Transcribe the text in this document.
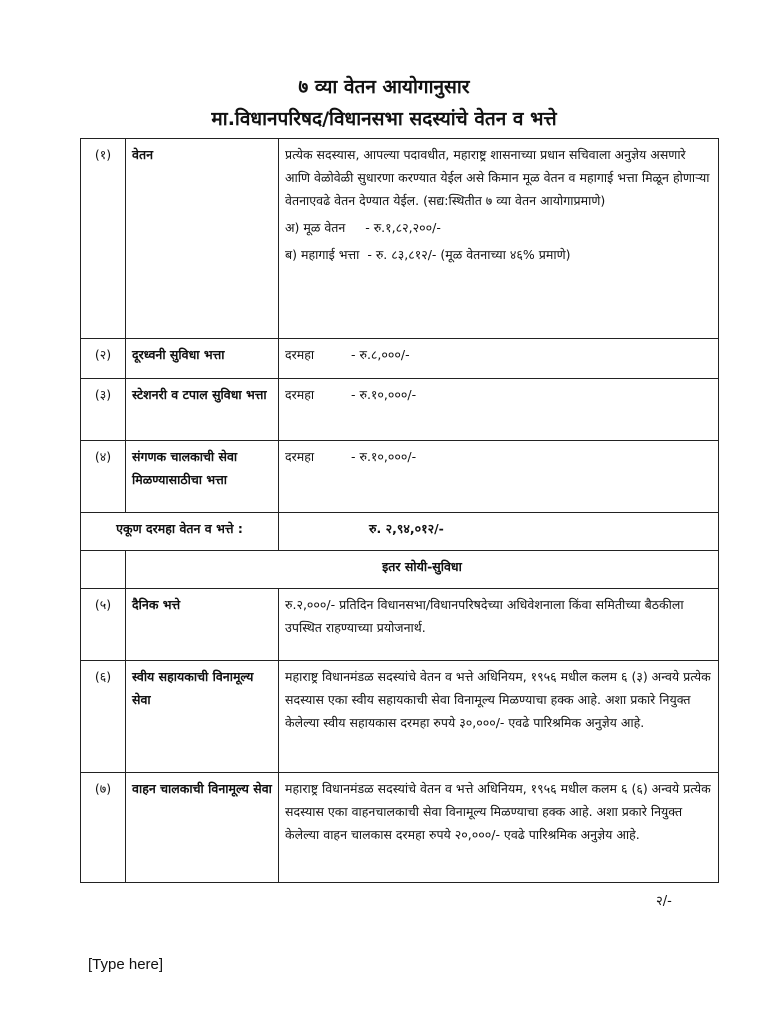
७ व्या वेतन आयोगानुसार
मा.विधानपरिषद/विधानसभा सदस्यांचे वेतन व भत्ते
(१)	वेतन	प्रत्येक सदस्यास, आपल्या पदावधीत, महाराष्ट्र शासनाच्या प्रधान सचिवाला अनुज्ञेय असणारे आणि वेळोवेळी सुधारणा करण्यात येईल असे किमान मूळ वेतन व महागाई भत्ता मिळून होणाऱ्या वेतनाएवढे वेतन देण्यात येईल. (सद्य:स्थितीत ७ व्या वेतन आयोगाप्रमाणे)

अ) मूळ वेतन     - रु.१,८२,२००/-

ब) महागाई भत्ता  - रु. ८३,८१२/- (मूळ वेतनाच्या ४६% प्रमाणे)

(२)	दूरध्वनी सुविधा भत्ता	दरमहा - रु.८,०००/-
(३)	स्टेशनरी व टपाल सुविधा भत्ता	दरमहा - रु.१०,०००/-
(४)	संगणक चालकाची सेवा मिळण्यासाठीचा भत्ता	दरमहा - रु.१०,०००/-
एकूण दरमहा वेतन व भत्ते :		रु. २,९४,०१२/-
	इतर सोयी-सुविधा	
(५)	दैनिक भत्ते	रु.२,०००/- प्रतिदिन विधानसभा/विधानपरिषदेच्या अधिवेशनाला किंवा समितीच्या बैठकीला उपस्थित राहण्याच्या प्रयोजनार्थ.
(६)	स्वीय सहायकाची विनामूल्य सेवा	महाराष्ट्र विधानमंडळ सदस्यांचे वेतन व भत्ते अधिनियम, १९५६ मधील कलम ६ (३) अन्वये प्रत्येक सदस्यास एका स्वीय सहायकाची सेवा विनामूल्य मिळण्याचा हक्क आहे. अशा प्रकारे नियुक्त केलेल्या स्वीय सहायकास दरमहा रुपये ३०,०००/- एवढे पारिश्रमिक अनुज्ञेय आहे.
(७)	वाहन चालकाची विनामूल्य सेवा	महाराष्ट्र विधानमंडळ सदस्यांचे वेतन व भत्ते अधिनियम, १९५६ मधील कलम ६ (६) अन्वये प्रत्येक सदस्यास एका वाहनचालकाची सेवा विनामूल्य मिळण्याचा हक्क आहे. अशा प्रकारे नियुक्त केलेल्या वाहन चालकास दरमहा रुपये २०,०००/- एवढे पारिश्रमिक अनुज्ञेय आहे.
२/-
[Type here]
